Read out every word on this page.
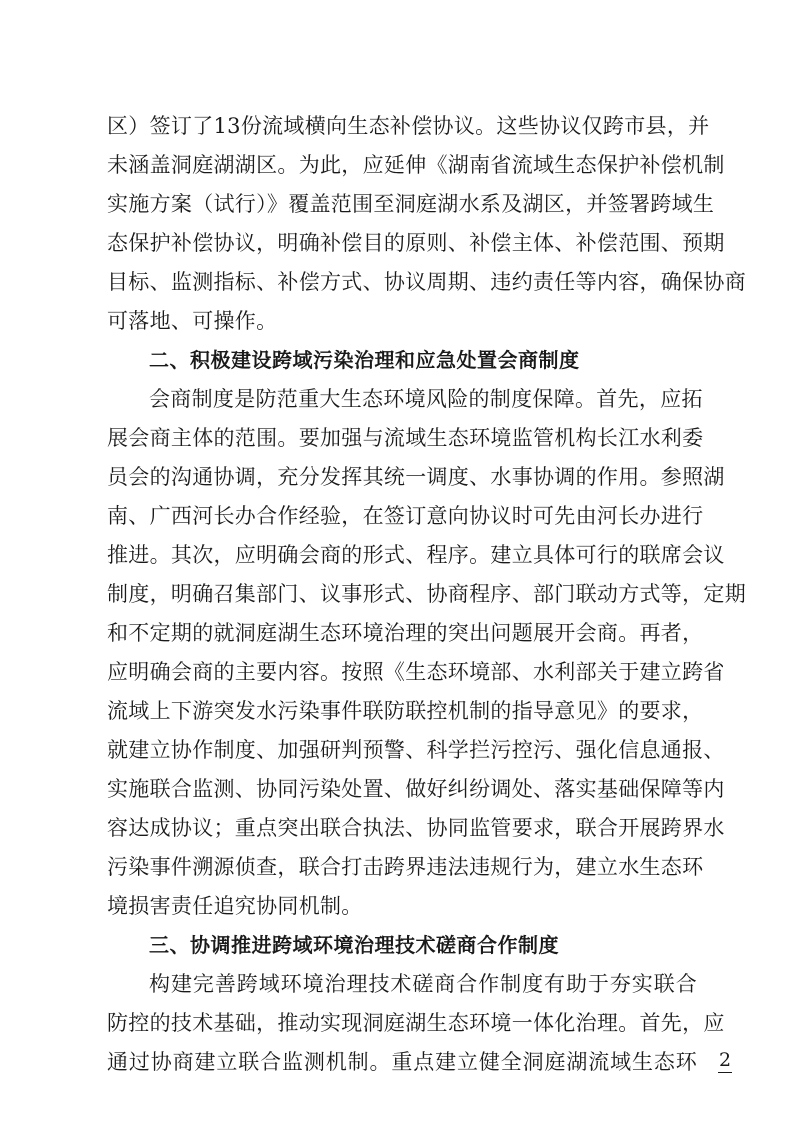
区）签订了13份流域横向生态补偿协议。这些协议仅跨市县，并
未涵盖洞庭湖湖区。为此，应延伸《湖南省流域生态保护补偿机制
实施方案（试行）》覆盖范围至洞庭湖水系及湖区，并签署跨域生
态保护补偿协议，明确补偿目的原则、补偿主体、补偿范围、预期
目标、监测指标、补偿方式、协议周期、违约责任等内容，确保协商
可落地、可操作。
二、积极建设跨域污染治理和应急处置会商制度
会商制度是防范重大生态环境风险的制度保障。首先，应拓
展会商主体的范围。要加强与流域生态环境监管机构长江水利委
员会的沟通协调，充分发挥其统一调度、水事协调的作用。参照湖
南、广西河长办合作经验，在签订意向协议时可先由河长办进行
推进。其次，应明确会商的形式、程序。建立具体可行的联席会议
制度，明确召集部门、议事形式、协商程序、部门联动方式等，定期
和不定期的就洞庭湖生态环境治理的突出问题展开会商。再者，
应明确会商的主要内容。按照《生态环境部、水利部关于建立跨省
流域上下游突发水污染事件联防联控机制的指导意见》的要求，
就建立协作制度、加强研判预警、科学拦污控污、强化信息通报、
实施联合监测、协同污染处置、做好纠纷调处、落实基础保障等内
容达成协议；重点突出联合执法、协同监管要求，联合开展跨界水
污染事件溯源侦查，联合打击跨界违法违规行为，建立水生态环
境损害责任追究协同机制。
三、协调推进跨域环境治理技术磋商合作制度
构建完善跨域环境治理技术磋商合作制度有助于夯实联合
防控的技术基础，推动实现洞庭湖生态环境一体化治理。首先，应
通过协商建立联合监测机制。重点建立健全洞庭湖流域生态环 2
